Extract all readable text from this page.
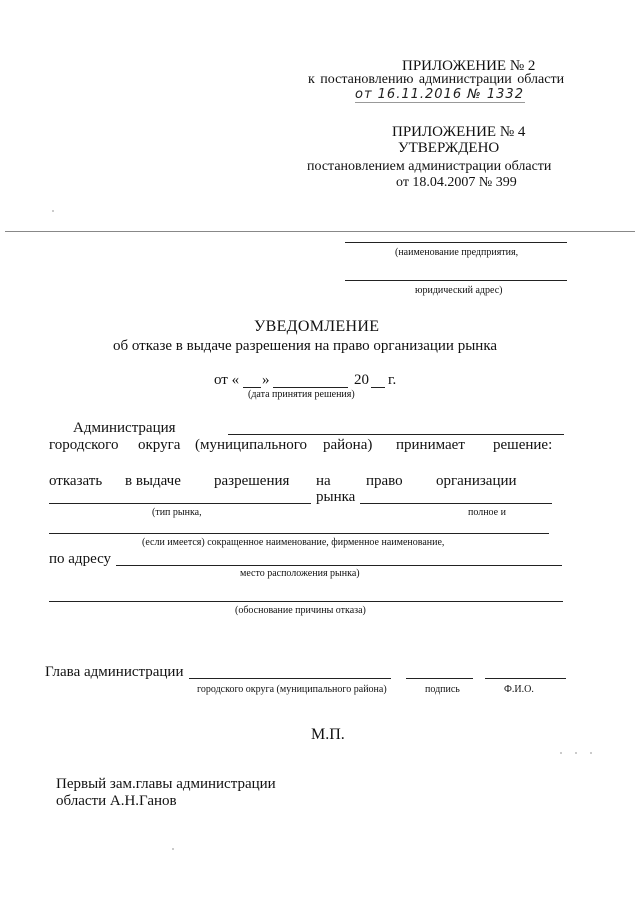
ПРИЛОЖЕНИЕ № 2
к постановлению администрации области
от 16.11.2016 № 1332
ПРИЛОЖЕНИЕ № 4
УТВЕРЖДЕНО
постановлением администрации области
от 18.04.2007 № 399
(наименование предприятия,
юридический адрес)
УВЕДОМЛЕНИЕ
об отказе в выдаче разрешения на право организации рынка
от « »	20 г.
(дата принятия решения)
Администрация
городского округа (муниципального района) принимает решение:
отказать в выдаче разрешения на право организации
рынка
(тип рынка,	полное и
(если имеется) сокращенное наименование, фирменное наименование,
по адресу
место расположения рынка)
(обоснование причины отказа)
Глава администрации
городского округа (муниципального района)	подпись	Ф.И.О.
М.П.
Первый зам.главы администрации
области А.Н.Ганов
